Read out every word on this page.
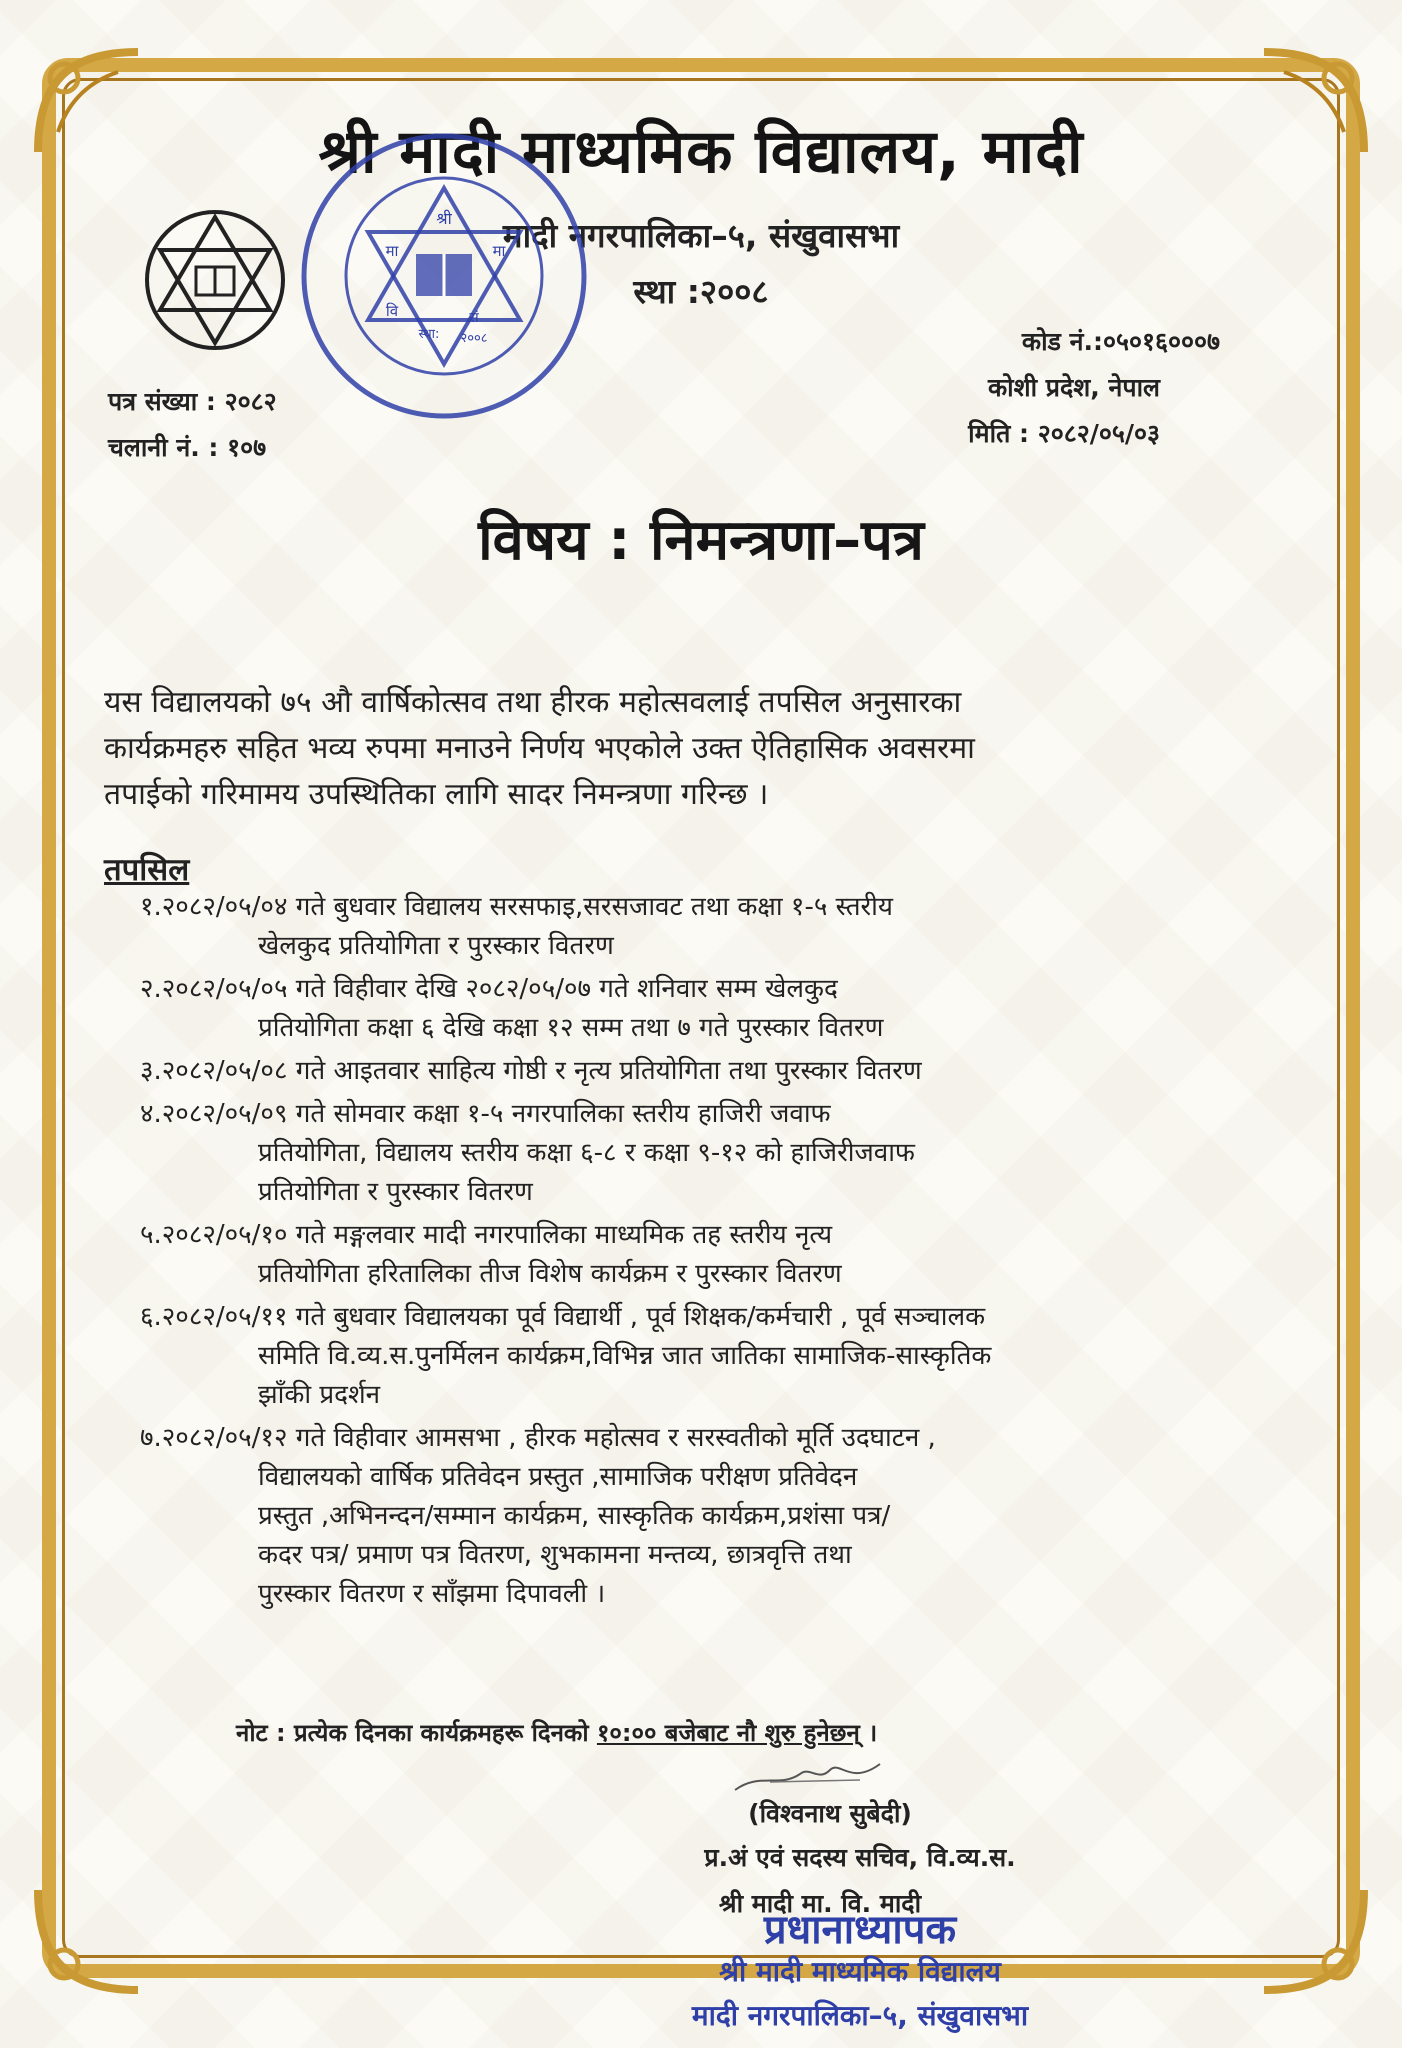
श्री मादी माध्यमिक विद्यालय, मादी
मादी नगरपालिका–५, संखुवासभा
स्था :२००८
श्री
मा	मा
वि
स्था:
सं
२००८	कोड नं.:०५०१६०००७
कोशी प्रदेश, नेपाल
मिति : २०८२/०५/०३
पत्र संख्या : २०८२
चलानी नं. : १०७
विषय : निमन्त्रणा–पत्र
यस विद्यालयको ७५ औ वार्षिकोत्सव तथा हीरक महोत्सवलाई तपसिल अनुसारका
कार्यक्रमहरु सहित भव्य रुपमा मनाउने निर्णय भएकोले उक्त ऐतिहासिक अवसरमा
तपाईको गरिमामय उपस्थितिका लागि सादर निमन्त्रणा गरिन्छ ।
तपसिल
१.२०८२/०५/०४ गते बुधवार विद्यालय सरसफाइ,सरसजावट तथा कक्षा १-५ स्तरीय
खेलकुद प्रतियोगिता र पुरस्कार वितरण
२.२०८२/०५/०५ गते विहीवार देखि २०८२/०५/०७ गते शनिवार सम्म खेलकुद
प्रतियोगिता कक्षा ६ देखि कक्षा १२ सम्म तथा ७ गते पुरस्कार वितरण
३.२०८२/०५/०८ गते आइतवार साहित्य गोष्ठी र नृत्य प्रतियोगिता तथा पुरस्कार वितरण
४.२०८२/०५/०९ गते सोमवार कक्षा १-५ नगरपालिका स्तरीय हाजिरी जवाफ
प्रतियोगिता, विद्यालय स्तरीय कक्षा ६-८ र कक्षा ९-१२ को हाजिरीजवाफ
प्रतियोगिता र पुरस्कार वितरण
५.२०८२/०५/१० गते मङ्गलवार मादी नगरपालिका माध्यमिक तह स्तरीय नृत्य
प्रतियोगिता हरितालिका तीज विशेष कार्यक्रम र पुरस्कार वितरण
६.२०८२/०५/११ गते बुधवार विद्यालयका पूर्व विद्यार्थी , पूर्व शिक्षक/कर्मचारी , पूर्व सञ्चालक
समिति वि.व्य.स.पुनर्मिलन कार्यक्रम,विभिन्न जात जातिका सामाजिक-सास्कृतिक
झाँकी प्रदर्शन
७.२०८२/०५/१२ गते विहीवार आमसभा , हीरक महोत्सव र सरस्वतीको मूर्ति उदघाटन ,
विद्यालयको वार्षिक प्रतिवेदन प्रस्तुत ,सामाजिक परीक्षण प्रतिवेदन
प्रस्तुत ,अभिनन्दन/सम्मान कार्यक्रम, सास्कृतिक कार्यक्रम,प्रशंसा पत्र/
कदर पत्र/ प्रमाण पत्र वितरण, शुभकामना मन्तव्य, छात्रवृत्ति तथा
पुरस्कार वितरण र साँझमा दिपावली ।
नोट : प्रत्येक दिनका कार्यक्रमहरू दिनको १०:०० बजेबाट नौ शुरु हुनेछन् ।
(विश्वनाथ सुबेदी)
प्र.अं एवं सदस्य सचिव, वि.व्य.स.
श्री मादी मा. वि. मादी
प्रधानाध्यापक
श्री मादी माध्यमिक विद्यालय
मादी नगरपालिका–५, संखुवासभा
